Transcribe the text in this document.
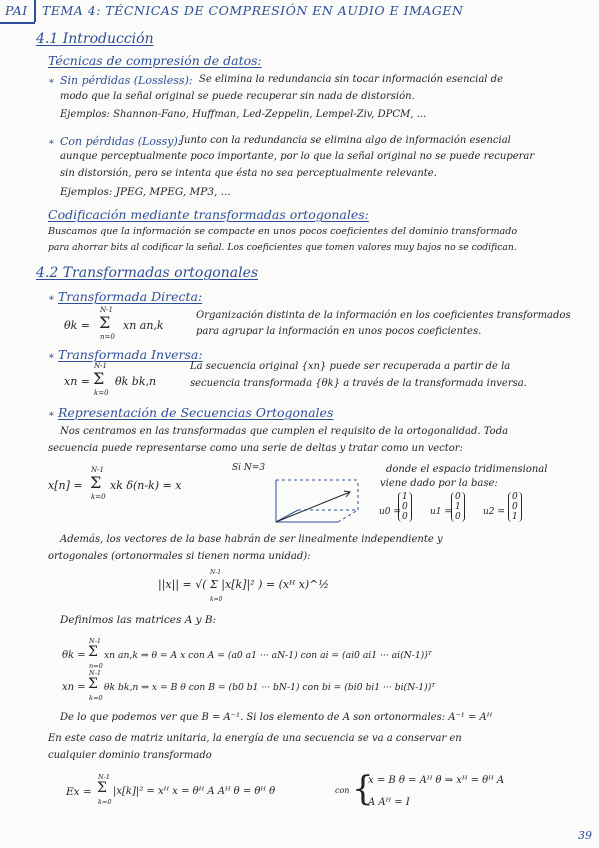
PAI TEMA 4: TÉCNICAS DE COMPRESIÓN EN AUDIO E IMAGEN
4.1 Introducción
Técnicas de compresión de datos:
∗ Sin pérdidas (Lossless): Se elimina la redundancia sin tocar información esencial de
modo que la señal original se puede recuperar sin nada de distorsión.
Ejemplos: Shannon-Fano, Huffman, Led-Zeppelin, Lempel-Ziv, DPCM, ...
∗ Con pérdidas (Lossy):
Junto con la redundancia se elimina algo de información esencial
aunque perceptualmente poco importante, por lo que la señal original no se puede recuperar
sin distorsión, pero se intenta que ésta no sea perceptualmente relevante.
Ejemplos: JPEG, MPEG, MP3, ...
Codificación mediante transformadas ortogonales:
Buscamos que la información se compacte en unos pocos coeficientes del dominio transformado
para ahorrar bits al codificar la señal. Los coeficientes que tomen valores muy bajos no se codifican.
4.2 Transformadas ortogonales
∗ Transformada Directa:
θk =
N-1
Σ
n=0
xn an,k
Organización distinta de la información en los coeficientes transformados
para agrupar la información en unos pocos coeficientes.
∗ Transformada Inversa:
xn =
N-1
Σ
k=0
θk bk,n
La secuencia original {xn} puede ser recuperada a partir de la
secuencia transformada {θk} a través de la transformada inversa.
∗ Representación de Secuencias Ortogonales
Nos centramos en las transformadas que cumplen el requisito de la ortogonalidad. Toda
secuencia puede representarse como una serie de deltas y tratar como un vector:
x[n] =
N-1
Σ
k=0
xk δ(n-k) = x
Si N=3	donde el espacio tridimensional
viene dado por la base:
u0 =
1
0
0 u1 =
0
1
0 u2 =
0
0
1
Además, los vectores de la base habrán de ser linealmente independiente y
ortogonales (ortonormales si tienen norma unidad):
||x|| = √( Σ |x[k]|² ) = (xᴴ x)^½
N-1
k=0
Definimos las matrices A y B:
θk =
N-1
Σ
n=0
xn an,k ⇒ θ = A x con A = (a0 a1 ··· aN-1) con ai = (ai0 ai1 ··· ai(N-1))ᵀ
xn =
N-1
Σ
k=0
θk bk,n ⇒ x = B θ con B = (b0 b1 ··· bN-1) con bi = (bi0 bi1 ··· bi(N-1))ᵀ
De lo que podemos ver que B = A⁻¹. Si los elemento de A son ortonormales: A⁻¹ = Aᴴ
En este caso de matriz unitaria, la energía de una secuencia se va a conservar en
cualquier dominio transformado
Ex =
N-1
Σ
k=0
|x[k]|² = xᴴ x = θᴴ A Aᴴ θ = θᴴ θ	con {
x = B θ = Aᴴ θ ⇒ xᴴ = θᴴ A
A Aᴴ = I
39
